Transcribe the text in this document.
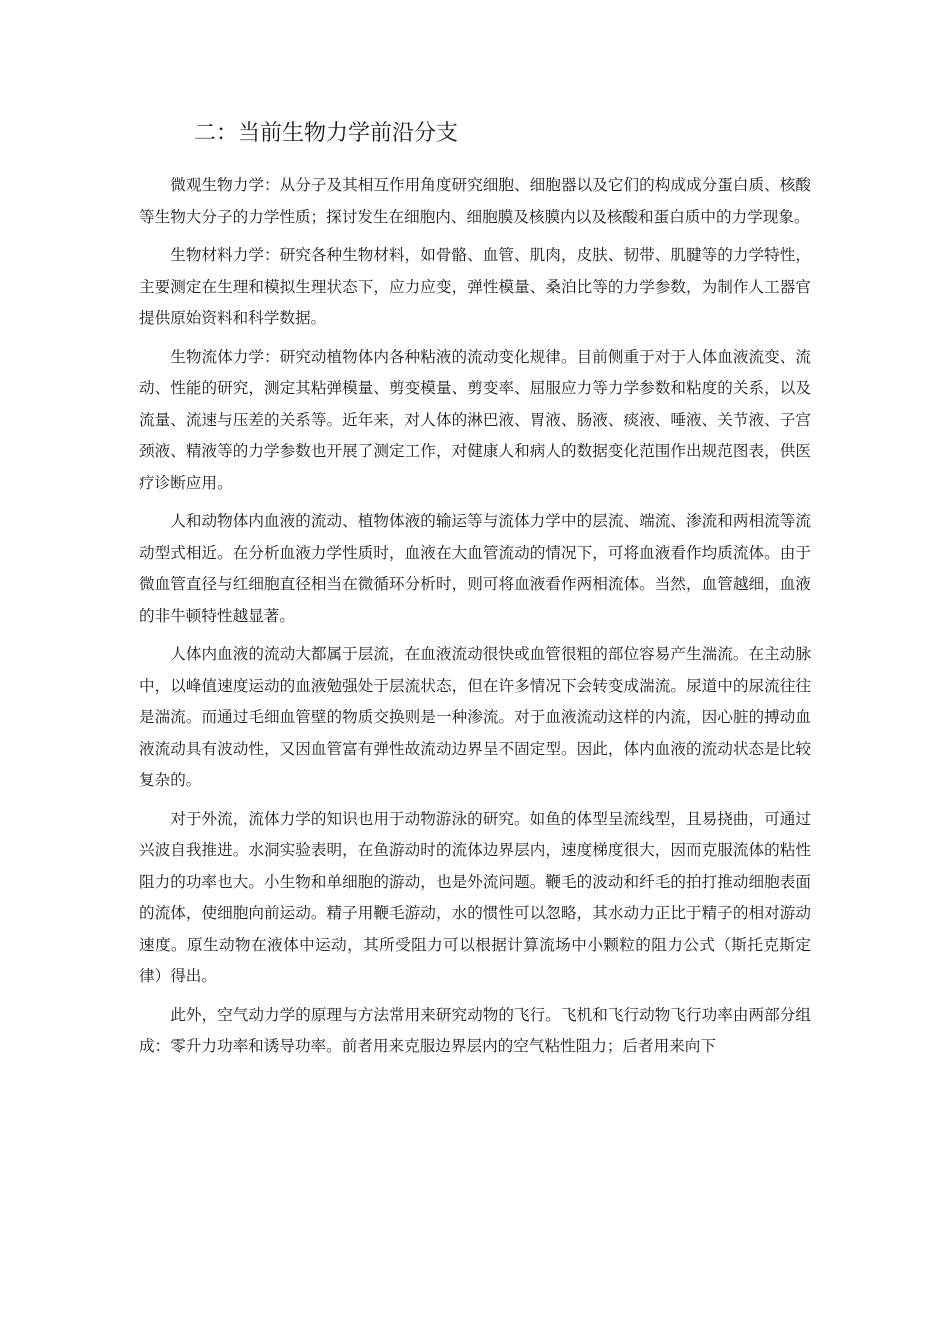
二：当前生物力学前沿分支

微观生物力学：从分子及其相互作用角度研究细胞、细胞器以及它们的构成成分蛋白质、核酸等生物大分子的力学性质；探讨发生在细胞内、细胞膜及核膜内以及核酸和蛋白质中的力学现象。

生物材料力学：研究各种生物材料，如骨骼、血管、肌肉，皮肤、韧带、肌腱等的力学特性，主要测定在生理和模拟生理状态下，应力应变，弹性模量、桑泊比等的力学参数，为制作人工器官提供原始资料和科学数据。

生物流体力学：研究动植物体内各种粘液的流动变化规律。目前侧重于对于人体血液流变、流动、性能的研究，测定其粘弹模量、剪变模量、剪变率、屈服应力等力学参数和粘度的关系，以及流量、流速与压差的关系等。近年来，对人体的淋巴液、胃液、肠液、痰液、唾液、关节液、子宫颈液、精液等的力学参数也开展了测定工作，对健康人和病人的数据变化范围作出规范图表，供医疗诊断应用。

人和动物体内血液的流动、植物体液的输运等与流体力学中的层流、端流、渗流和两相流等流动型式相近。在分析血液力学性质时，血液在大血管流动的情况下，可将血液看作均质流体。由于微血管直径与红细胞直径相当在微循环分析时，则可将血液看作两相流体。当然，血管越细，血液的非牛顿特性越显著。

人体内血液的流动大都属于层流，在血液流动很快或血管很粗的部位容易产生湍流。在主动脉中，以峰值速度运动的血液勉强处于层流状态，但在许多情况下会转变成湍流。尿道中的尿流往往是湍流。而通过毛细血管壁的物质交换则是一种渗流。对于血液流动这样的内流，因心脏的搏动血液流动具有波动性，又因血管富有弹性故流动边界呈不固定型。因此，体内血液的流动状态是比较复杂的。

对于外流，流体力学的知识也用于动物游泳的研究。如鱼的体型呈流线型，且易挠曲，可通过兴波自我推进。水洞实验表明，在鱼游动时的流体边界层内，速度梯度很大，因而克服流体的粘性阻力的功率也大。小生物和单细胞的游动，也是外流问题。鞭毛的波动和纤毛的拍打推动细胞表面的流体，使细胞向前运动。精子用鞭毛游动，水的惯性可以忽略，其水动力正比于精子的相对游动速度。原生动物在液体中运动，其所受阻力可以根据计算流场中小颗粒的阻力公式（斯托克斯定律）得出。

此外，空气动力学的原理与方法常用来研究动物的飞行。飞机和飞行动物飞行功率由两部分组成：零升力功率和诱导功率。前者用来克服边界层内的空气粘性阻力；后者用来向下
